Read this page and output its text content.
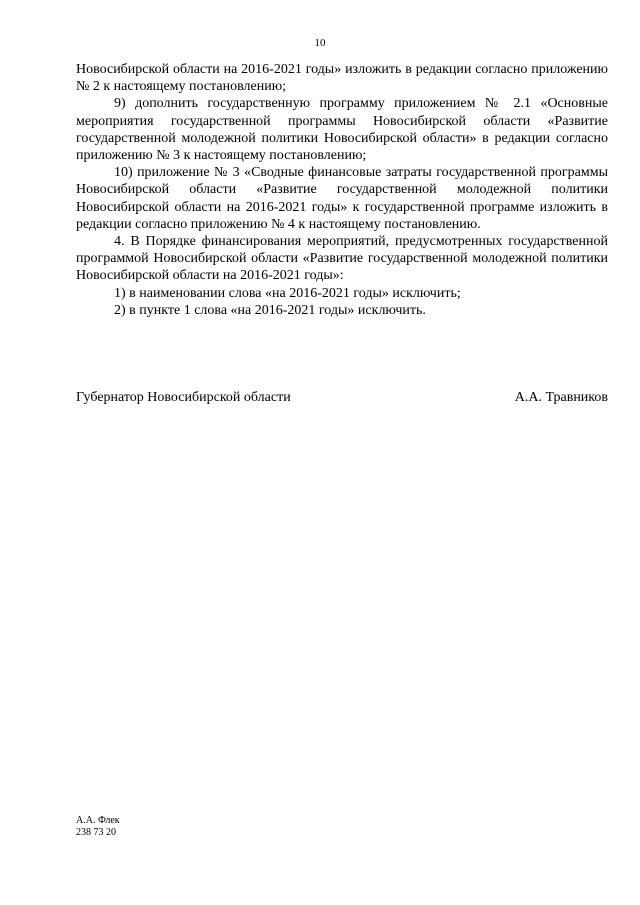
10

Новосибирской области на 2016-2021 годы» изложить в редакции согласно приложению № 2 к настоящему постановлению;

9) дополнить государственную программу приложением № 2.1 «Основные мероприятия государственной программы Новосибирской области «Развитие государственной молодежной политики Новосибирской области» в редакции согласно приложению № 3 к настоящему постановлению;

10) приложение № 3 «Сводные финансовые затраты государственной программы Новосибирской области «Развитие государственной молодежной политики Новосибирской области на 2016-2021 годы» к государственной программе изложить в редакции согласно приложению № 4 к настоящему постановлению.

4. В Порядке финансирования мероприятий, предусмотренных государственной программой Новосибирской области «Развитие государственной молодежной политики Новосибирской области на 2016-2021 годы»:

1) в наименовании слова «на 2016-2021 годы» исключить;

2) в пункте 1 слова «на 2016-2021 годы» исключить.

Губернатор Новосибирской области	А.А. Травников
А.А. Флек
238 73 20
